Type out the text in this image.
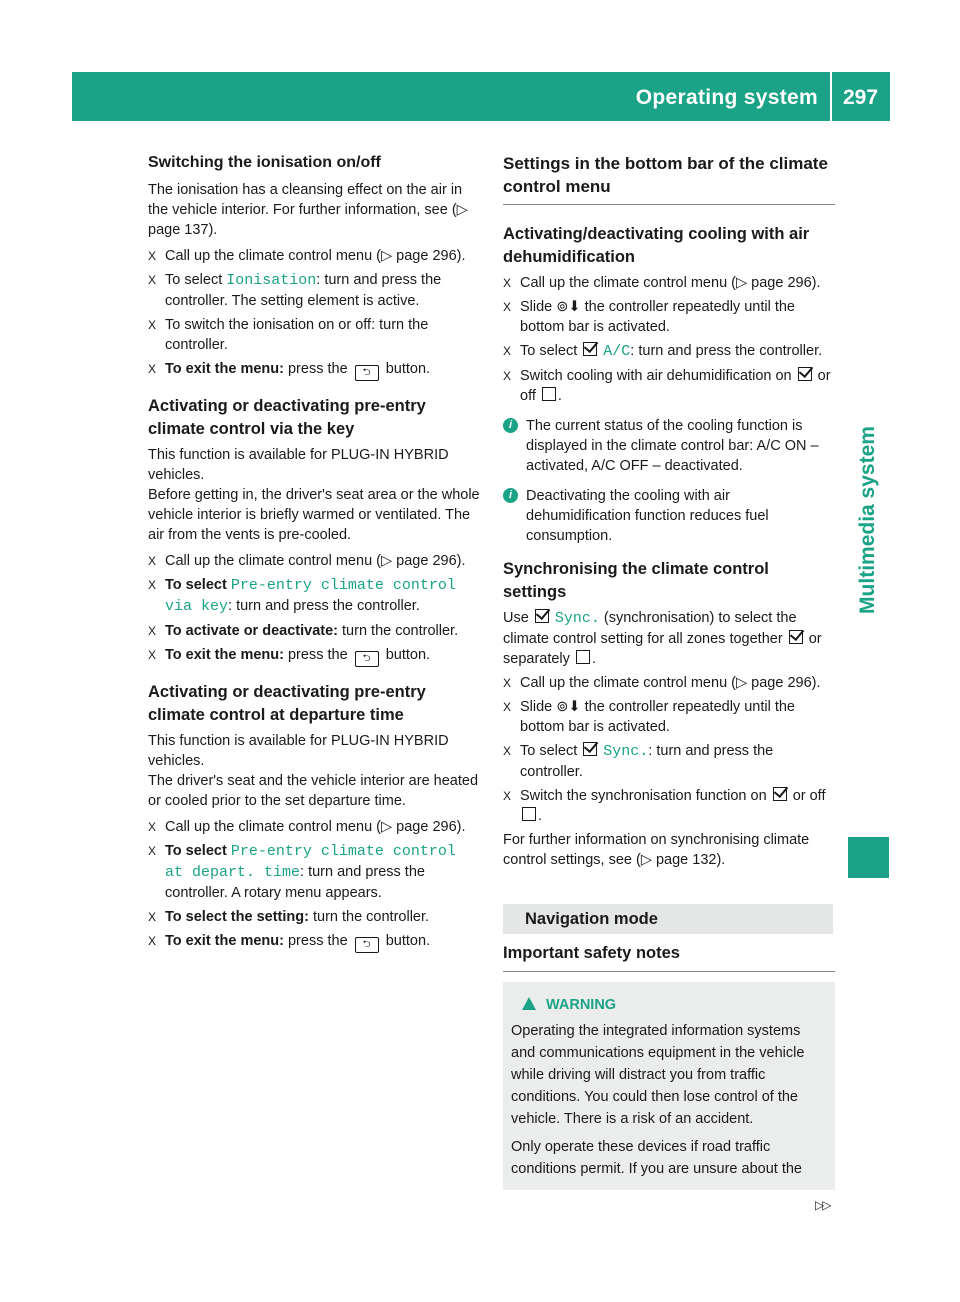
Operating system 297
Multimedia system
Switching the ionisation on/off

The ionisation has a cleansing effect on the air in the vehicle interior. For further information, see (▷ page 137).

X Call up the climate control menu (▷ page 296).
X To select Ionisation: turn and press the controller. The setting element is active.
X To switch the ionisation on or off: turn the controller.
X To exit the menu: press the ⮌ button.
Activating or deactivating pre-entry climate control via the key

This function is available for PLUG-IN HYBRID vehicles.

Before getting in, the driver's seat area or the whole vehicle interior is briefly warmed or ventilated. The air from the vents is pre-cooled.

X Call up the climate control menu (▷ page 296).
X To select Pre-entry climate control via key: turn and press the controller.
X To activate or deactivate: turn the controller.
X To exit the menu: press the ⮌ button.
Activating or deactivating pre-entry climate control at departure time

This function is available for PLUG-IN HYBRID vehicles.

The driver's seat and the vehicle interior are heated or cooled prior to the set departure time.

X Call up the climate control menu (▷ page 296).
X To select Pre-entry climate control at depart. time: turn and press the controller. A rotary menu appears.
X To select the setting: turn the controller.
X To exit the menu: press the ⮌ button.
Settings in the bottom bar of the climate control menu
Activating/deactivating cooling with air dehumidification
X Call up the climate control menu (▷ page 296).
X Slide ⊚⬇ the controller repeatedly until the bottom bar is activated.
X To select  A/C: turn and press the controller.
X Switch cooling with air dehumidification on  or off .
i The current status of the cooling function is displayed in the climate control bar: A/C ON – activated, A/C OFF – deactivated.
i Deactivating the cooling with air dehumidification function reduces fuel consumption.
Synchronising the climate control settings

Use  Sync. (synchronisation) to select the climate control setting for all zones together  or separately .

X Call up the climate control menu (▷ page 296).
X Slide ⊚⬇ the controller repeatedly until the bottom bar is activated.
X To select  Sync.: turn and press the controller.
X Switch the synchronisation function on  or off .

For further information on synchronising climate control settings, see (▷ page 132).

Navigation mode
Important safety notes
WARNING

Operating the integrated information systems and communications equipment in the vehicle while driving will distract you from traffic conditions. You could then lose control of the vehicle. There is a risk of an accident.

Only operate these devices if road traffic conditions permit. If you are unsure about the

▷▷
